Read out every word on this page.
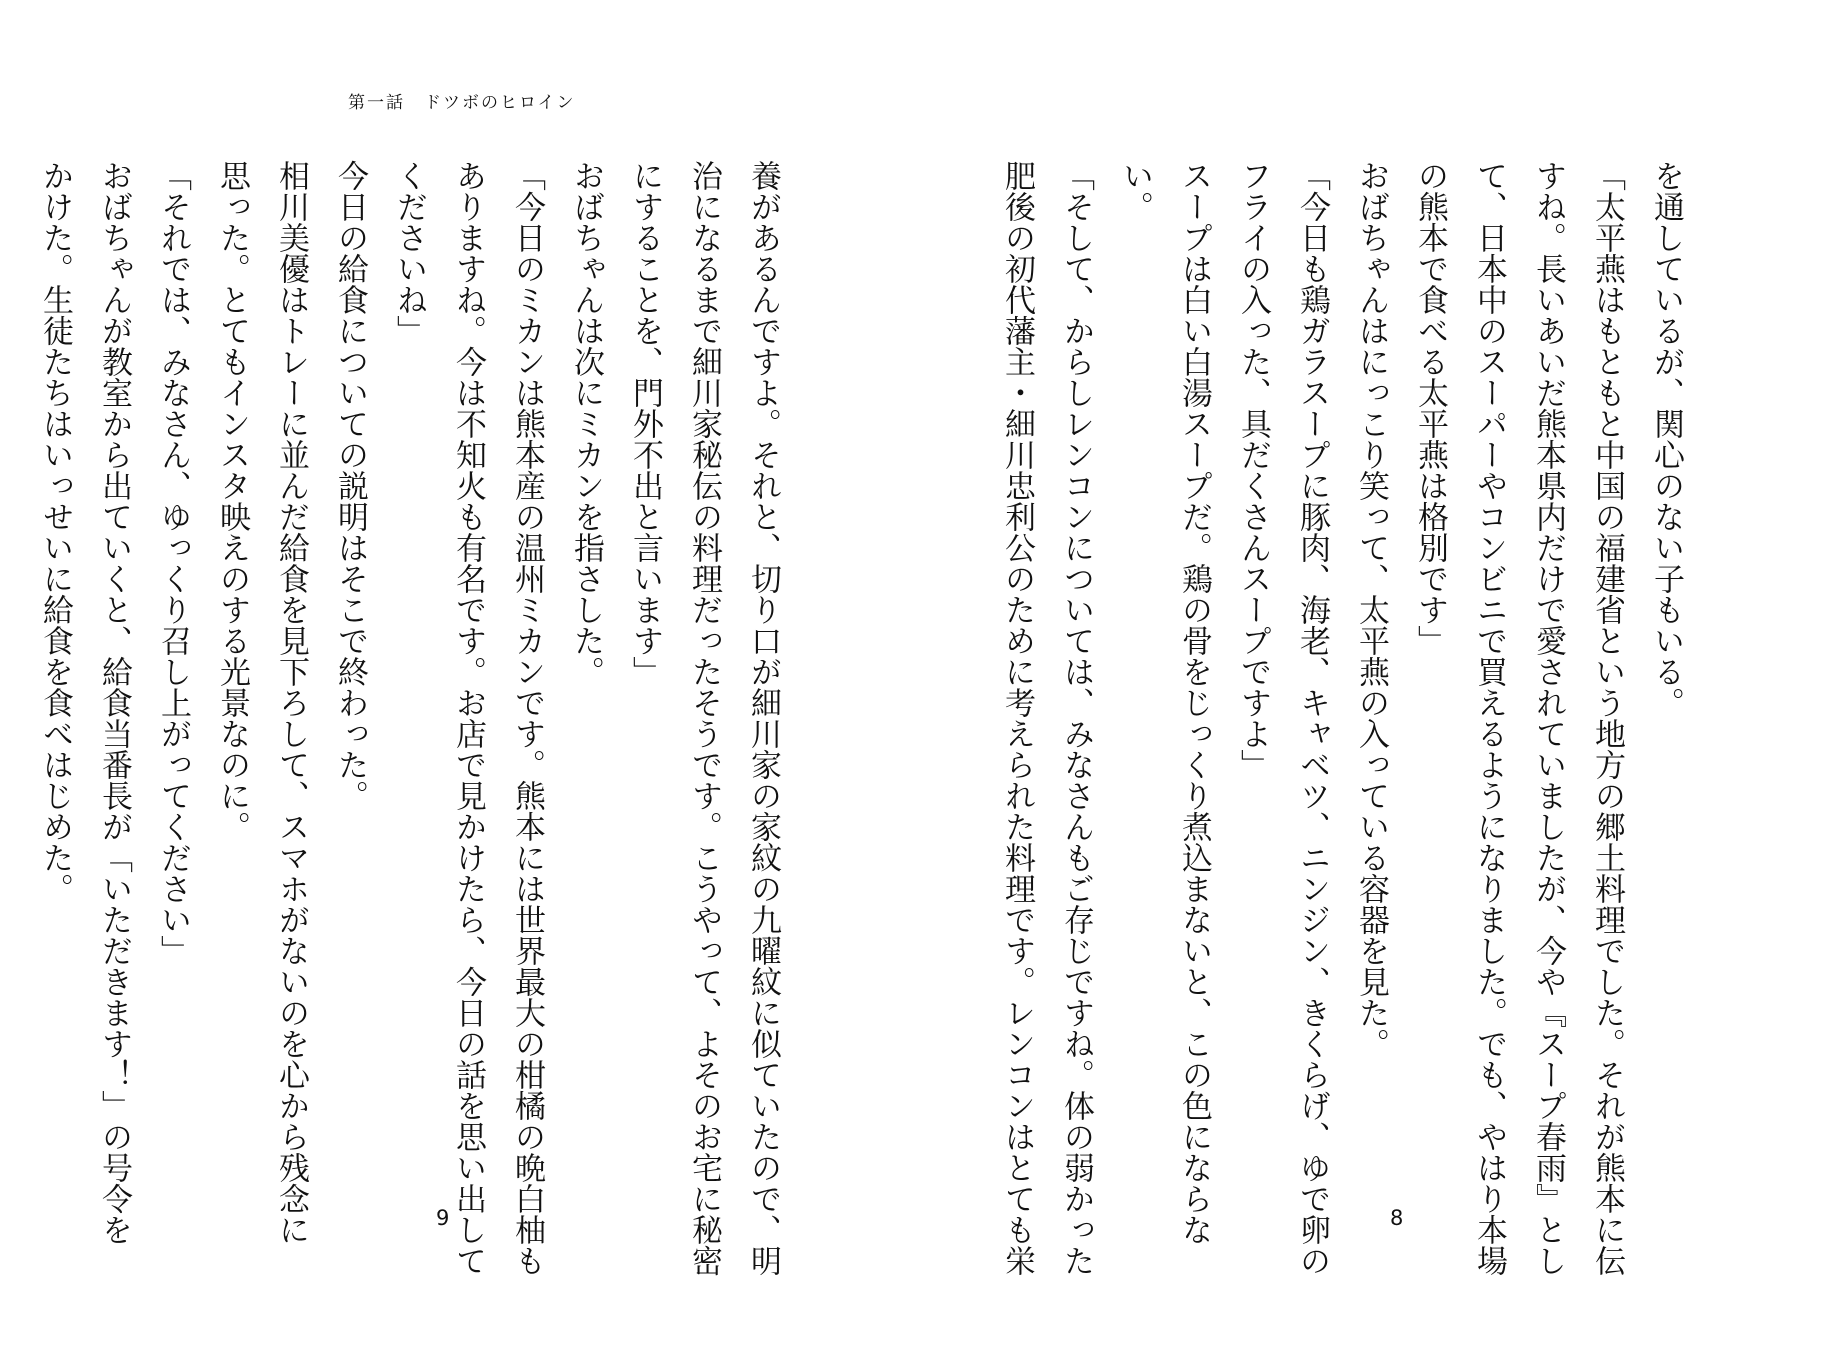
第一話　ドツボのヒロイン
を通しているが、関心のない子もいる。
「太平燕はもともと中国の福建省という地方の郷土料理でした。それが熊本に伝
すね。長いあいだ熊本県内だけで愛されていましたが、今や『スープ春雨』とし
て、日本中のスーパーやコンビニで買えるようになりました。でも、やはり本場
の熊本で食べる太平燕は格別です」
おばちゃんはにっこり笑って、太平燕の入っている容器を見た。
「今日も鶏ガラスープに豚肉、海老、キャベツ、ニンジン、きくらげ、ゆで卵の
フライの入った、具だくさんスープですよ」
スープは白い白湯スープだ。鶏の骨をじっくり煮込まないと、この色にならな
い。
「そして、からしレンコンについては、みなさんもご存じですね。体の弱かった
肥後の初代藩主・細川忠利公のために考えられた料理です。レンコンはとても栄
養があるんですよ。それと、切り口が細川家の家紋の九曜紋に似ていたので、明
治になるまで細川家秘伝の料理だったそうです。こうやって、よそのお宅に秘密
にすることを、門外不出と言います」
おばちゃんは次にミカンを指さした。
「今日のミカンは熊本産の温州ミカンです。熊本には世界最大の柑橘の晩白柚も
ありますね。今は不知火も有名です。お店で見かけたら、今日の話を思い出して
くださいね」
今日の給食についての説明はそこで終わった。
相川美優はトレーに並んだ給食を見下ろして、スマホがないのを心から残念に
思った。とてもインスタ映えのする光景なのに。
「それでは、みなさん、ゆっくり召し上がってください」
おばちゃんが教室から出ていくと、給食当番長が「いただきます！」の号令を
かけた。生徒たちはいっせいに給食を食べはじめた。
9	8
